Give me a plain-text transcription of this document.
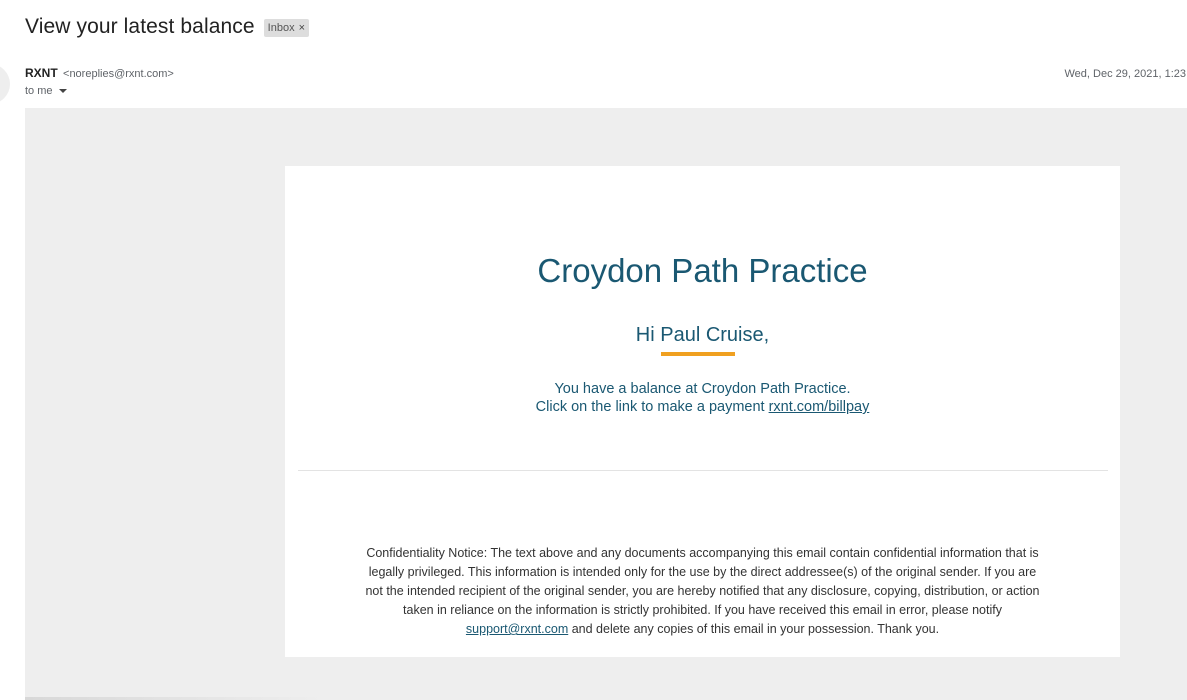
View your latest balance Inbox ×
RXNT <noreplies@rxnt.com>	Wed, Dec 29, 2021, 1:23
to me
Croydon Path Practice
Hi Paul Cruise,
You have a balance at Croydon Path Practice.
Click on the link to make a payment rxnt.com/billpay
Confidentiality Notice: The text above and any documents accompanying this email contain confidential information that is legally privileged. This information is intended only for the use by the direct addressee(s) of the original sender. If you are not the intended recipient of the original sender, you are hereby notified that any disclosure, copying, distribution, or action taken in reliance on the information is strictly prohibited. If you have received this email in error, please notify support@rxnt.com and delete any copies of this email in your possession. Thank you.
